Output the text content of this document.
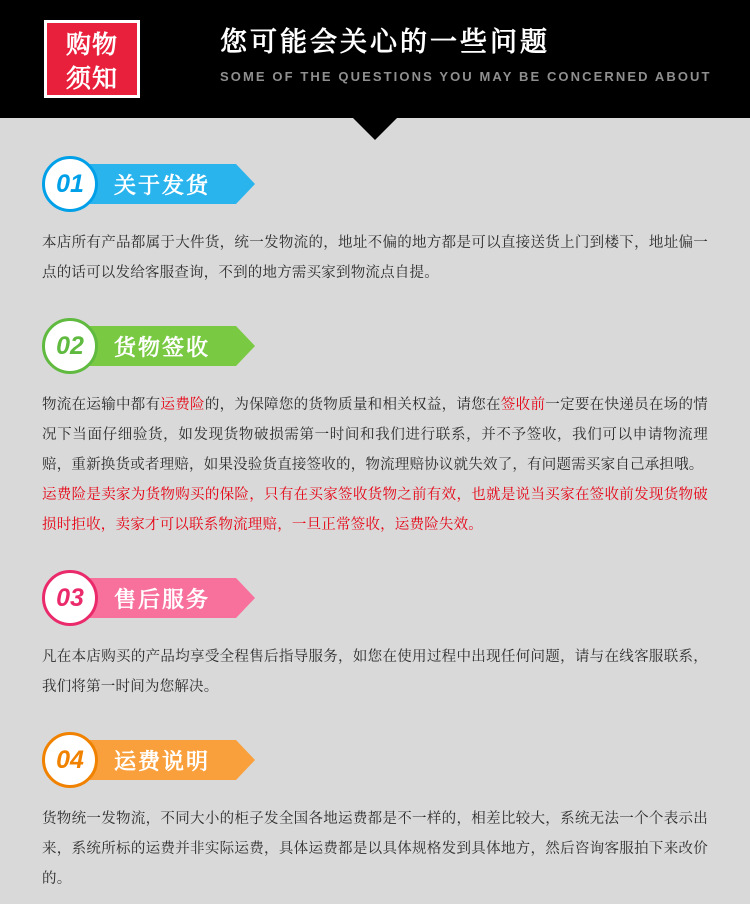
购物
须知
您可能会关心的一些问题
SOME OF THE QUESTIONS YOU MAY BE CONCERNED ABOUT
01	关于发货

本店所有产品都属于大件货，统一发物流的，地址不偏的地方都是可以直接送货上门到楼下，地址偏一点的话可以发给客服查询，不到的地方需买家到物流点自提。

02	货物签收

物流在运输中都有运费险的，为保障您的货物质量和相关权益，请您在签收前一定要在快递员在场的情况下当面仔细验货，如发现货物破损需第一时间和我们进行联系，并不予签收，我们可以申请物流理赔，重新换货或者理赔，如果没验货直接签收的，物流理赔协议就失效了，有问题需买家自己承担哦。

运费险是卖家为货物购买的保险，只有在买家签收货物之前有效，也就是说当买家在签收前发现货物破损时拒收，卖家才可以联系物流理赔，一旦正常签收，运费险失效。

03	售后服务

凡在本店购买的产品均享受全程售后指导服务，如您在使用过程中出现任何问题，请与在线客服联系，我们将第一时间为您解决。

04	运费说明

货物统一发物流，不同大小的柜子发全国各地运费都是不一样的，相差比较大，系统无法一个个表示出来，系统所标的运费并非实际运费，具体运费都是以具体规格发到具体地方，然后咨询客服拍下来改价的。
